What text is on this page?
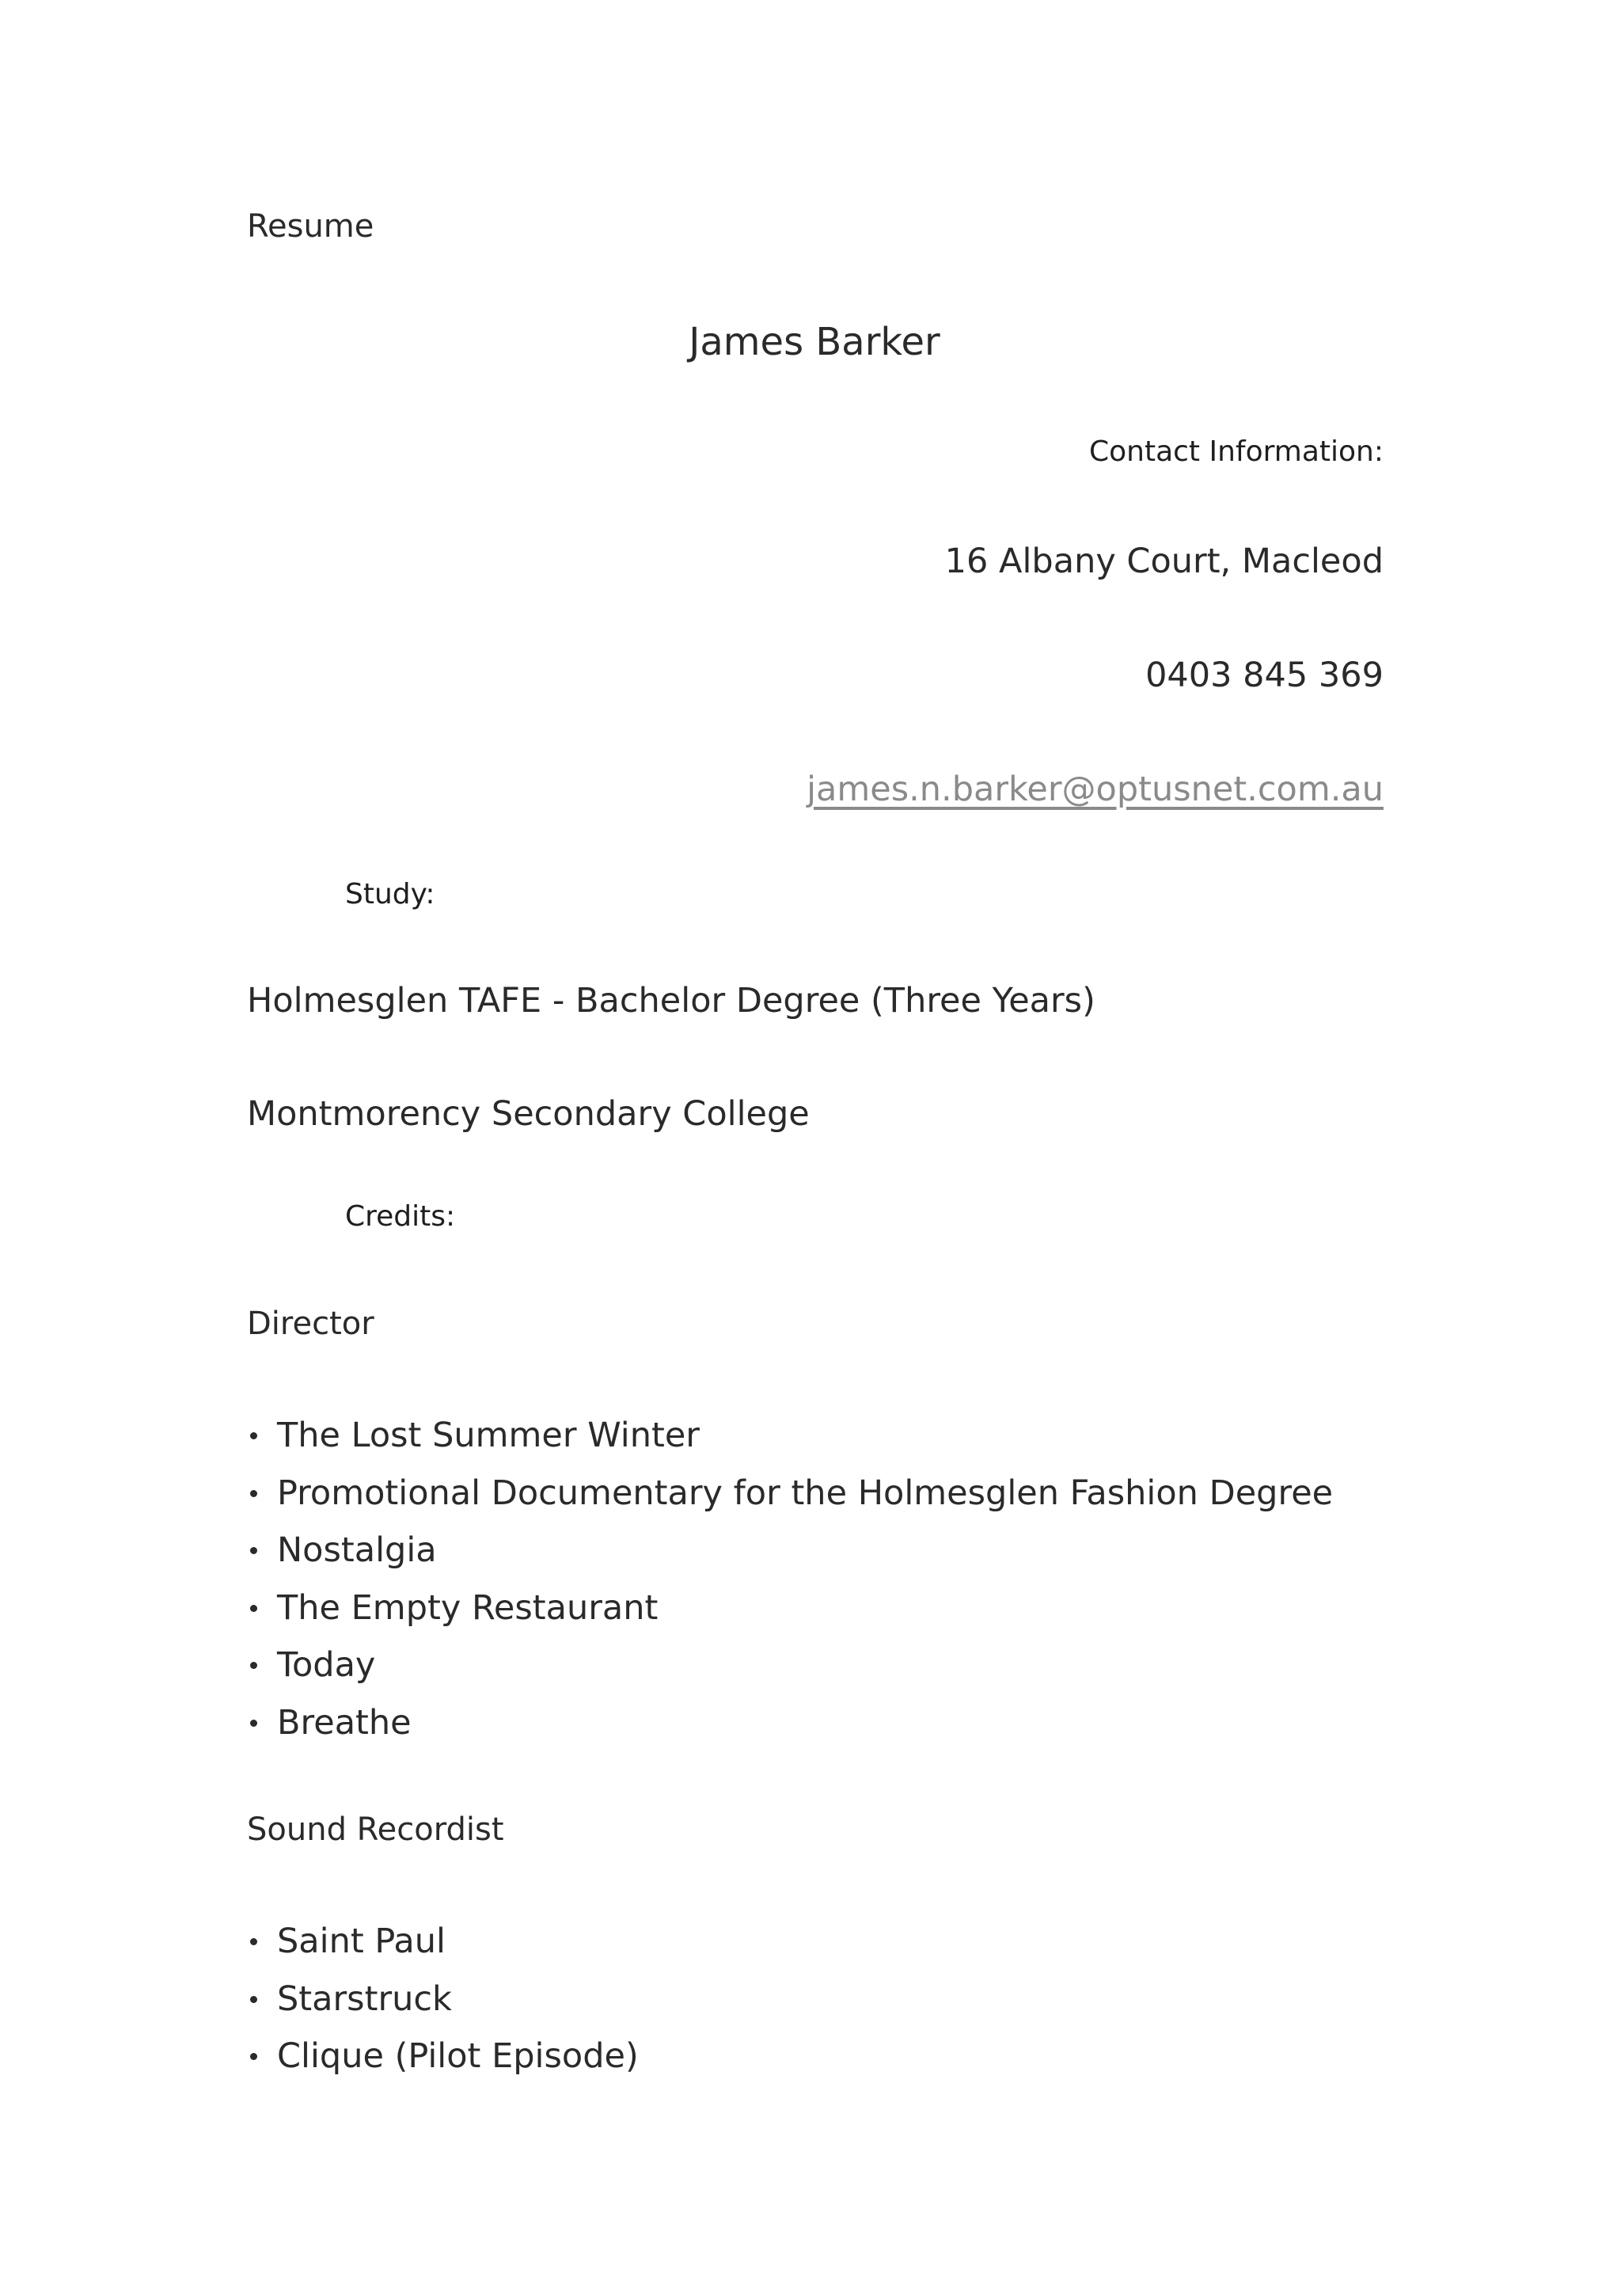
Resume
James Barker
Contact Information:
16 Albany Court, Macleod
0403 845 369
james.n.barker@optusnet.com.au
Study:
Holmesglen TAFE - Bachelor Degree (Three Years)
Montmorency Secondary College
Credits:
Director
The Lost Summer Winter
Promotional Documentary for the Holmesglen Fashion Degree
Nostalgia
The Empty Restaurant
Today
Breathe
Sound Recordist
Saint Paul
Starstruck
Clique (Pilot Episode)
